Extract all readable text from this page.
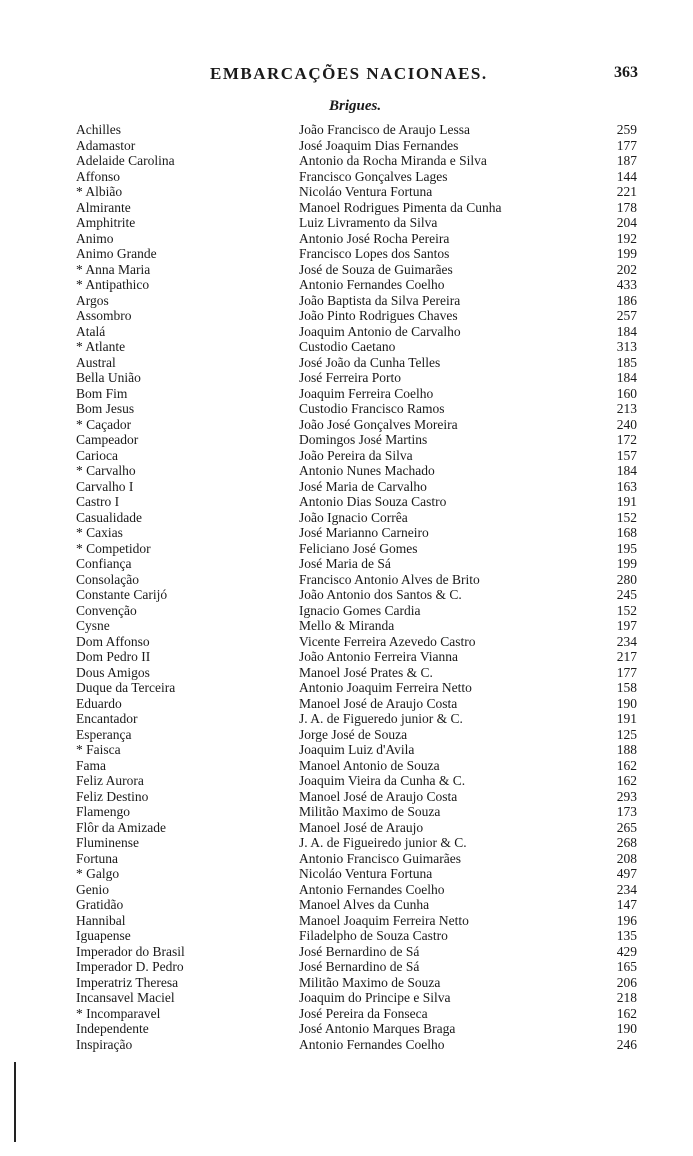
EMBARCAÇÕES NACIONAES.	363
Brigues.
Achilles	João Francisco de Araujo Lessa	259
Adamastor	José Joaquim Dias Fernandes	177
Adelaide Carolina	Antonio da Rocha Miranda e Silva	187
Affonso	Francisco Gonçalves Lages	144
* Albião	Nicoláo Ventura Fortuna	221
Almirante	Manoel Rodrigues Pimenta da Cunha	178
Amphitrite	Luiz Livramento da Silva	204
Animo	Antonio José Rocha Pereira	192
Animo Grande	Francisco Lopes dos Santos	199
* Anna Maria	José de Souza de Guimarães	202
* Antipathico	Antonio Fernandes Coelho	433
Argos	João Baptista da Silva Pereira	186
Assombro	João Pinto Rodrigues Chaves	257
Atalá	Joaquim Antonio de Carvalho	184
* Atlante	Custodio Caetano	313
Austral	José João da Cunha Telles	185
Bella União	José Ferreira Porto	184
Bom Fim	Joaquim Ferreira Coelho	160
Bom Jesus	Custodio Francisco Ramos	213
* Caçador	João José Gonçalves Moreira	240
Campeador	Domingos José Martins	172
Carioca	João Pereira da Silva	157
* Carvalho	Antonio Nunes Machado	184
Carvalho I	José Maria de Carvalho	163
Castro I	Antonio Dias Souza Castro	191
Casualidade	João Ignacio Corrêa	152
* Caxias	José Marianno Carneiro	168
* Competidor	Feliciano José Gomes	195
Confiança	José Maria de Sá	199
Consolação	Francisco Antonio Alves de Brito	280
Constante Carijó	João Antonio dos Santos & C.	245
Convenção	Ignacio Gomes Cardia	152
Cysne	Mello & Miranda	197
Dom Affonso	Vicente Ferreira Azevedo Castro	234
Dom Pedro II	João Antonio Ferreira Vianna	217
Dous Amigos	Manoel José Prates & C.	177
Duque da Terceira	Antonio Joaquim Ferreira Netto	158
Eduardo	Manoel José de Araujo Costa	190
Encantador	J. A. de Figueredo junior & C.	191
Esperança	Jorge José de Souza	125
* Faisca	Joaquim Luiz d'Avila	188
Fama	Manoel Antonio de Souza	162
Feliz Aurora	Joaquim Vieira da Cunha & C.	162
Feliz Destino	Manoel José de Araujo Costa	293
Flamengo	Militão Maximo de Souza	173
Flôr da Amizade	Manoel José de Araujo	265
Fluminense	J. A. de Figueiredo junior & C.	268
Fortuna	Antonio Francisco Guimarães	208
* Galgo	Nicoláo Ventura Fortuna	497
Genio	Antonio Fernandes Coelho	234
Gratidão	Manoel Alves da Cunha	147
Hannibal	Manoel Joaquim Ferreira Netto	196
Iguapense	Filadelpho de Souza Castro	135
Imperador do Brasil	José Bernardino de Sá	429
Imperador D. Pedro	José Bernardino de Sá	165
Imperatriz Theresa	Militão Maximo de Souza	206
Incansavel Maciel	Joaquim do Principe e Silva	218
* Incomparavel	José Pereira da Fonseca	162
Independente	José Antonio Marques Braga	190
Inspiração	Antonio Fernandes Coelho	246
